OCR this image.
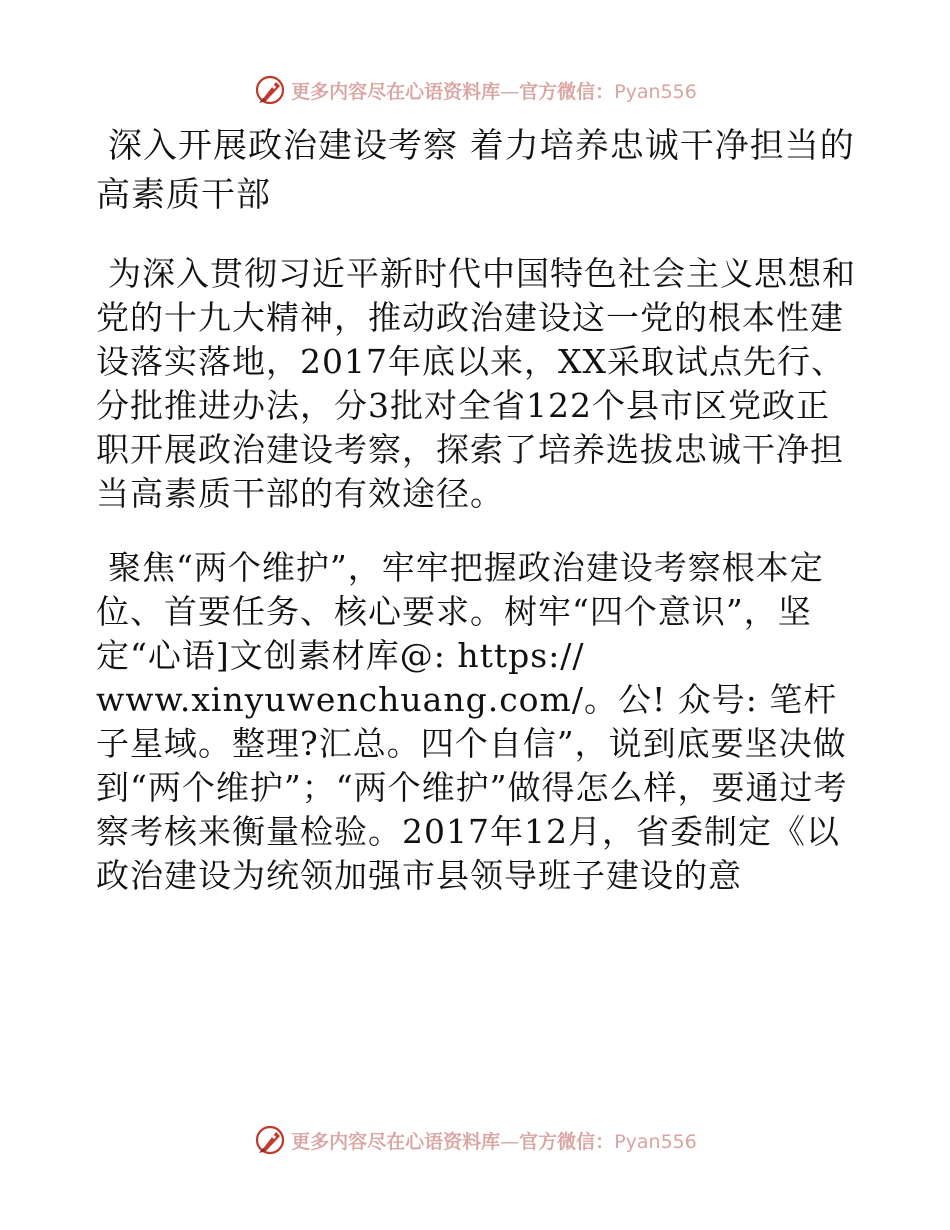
更多内容尽在心语资料库—官方微信：Pyan556
深入开展政治建设考察 着力培养忠诚干净担当的高素质干部

为深入贯彻习近平新时代中国特色社会主义思想和党的十九大精神，推动政治建设这一党的根本性建设落实落地，2017年底以来，XX采取试点先行、分批推进办法，分3批对全省122个县市区党政正职开展政治建设考察，探索了培养选拔忠诚干净担当高素质干部的有效途径。

聚焦“两个维护”，牢牢把握政治建设考察根本定位、首要任务、核心要求。树牢“四个意识”，坚定“心语]文创素材库@: https:// www.xinyuwenchuang.com/。公! 众号: 笔杆子星域。整理?汇总。四个自信”，说到底要坚决做到“两个维护”；“两个维护”做得怎么样，要通过考察考核来衡量检验。2017年12月，省委制定《以政治建设为统领加强市县领导班子建设的意

更多内容尽在心语资料库—官方微信：Pyan556
